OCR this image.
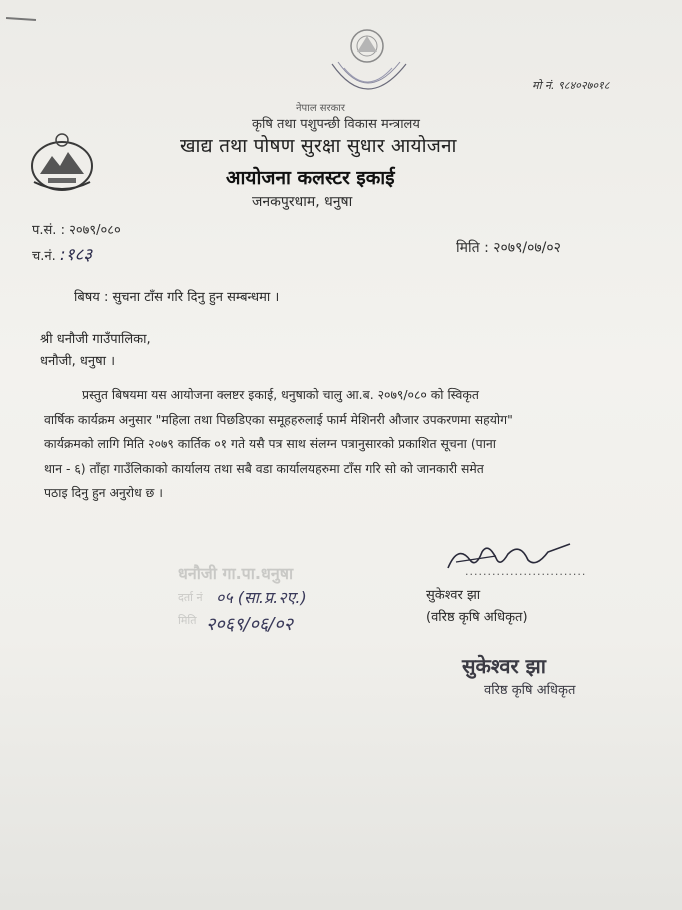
नेपाल सरकार
मो नं. ९८४०२७०१८
कृषि तथा पशुपन्छी विकास मन्त्रालय
खाद्य तथा पोषण सुरक्षा सुधार आयोजना
आयोजना कलस्टर इकाई
जनकपुरधाम, धनुषा
प.सं. : २०७९/०८०
च.नं. :१८३	मिति : २०७९/०७/०२
बिषय : सुचना टाँस गरि दिनु हुन सम्बन्धमा ।
श्री धनौजी गाउँपालिका,
धनौजी, धनुषा ।
प्रस्तुत बिषयमा यस आयोजना क्लष्टर इकाई, धनुषाको चालु आ.ब. २०७९/०८० को स्विकृत
वार्षिक कार्यक्रम अनुसार "महिला तथा पिछडिएका समूहहरुलाई फार्म मेशिनरी औजार उपकरणमा सहयोग"
कार्यक्रमको लागि मिति २०७९ कार्तिक ०१ गते यसै पत्र साथ संलग्न पत्रानुसारको प्रकाशित सूचना (पाना
थान - ६) ताँहा गाउँलिकाको कार्यालय तथा सबै वडा कार्यालयहरुमा टाँस गरि सो को जानकारी समेत
पठाइ दिनु हुन अनुरोध छ ।
धनौजी गा.पा.धनुषा
दर्ता नं
मिति
०५ (सा.प्र.२ए.)
२०६९/०६/०२
...........................
सुकेश्वर झा
(वरिष्ठ कृषि अधिकृत)
सुकेश्वर झा
वरिष्ठ कृषि अधिकृत
